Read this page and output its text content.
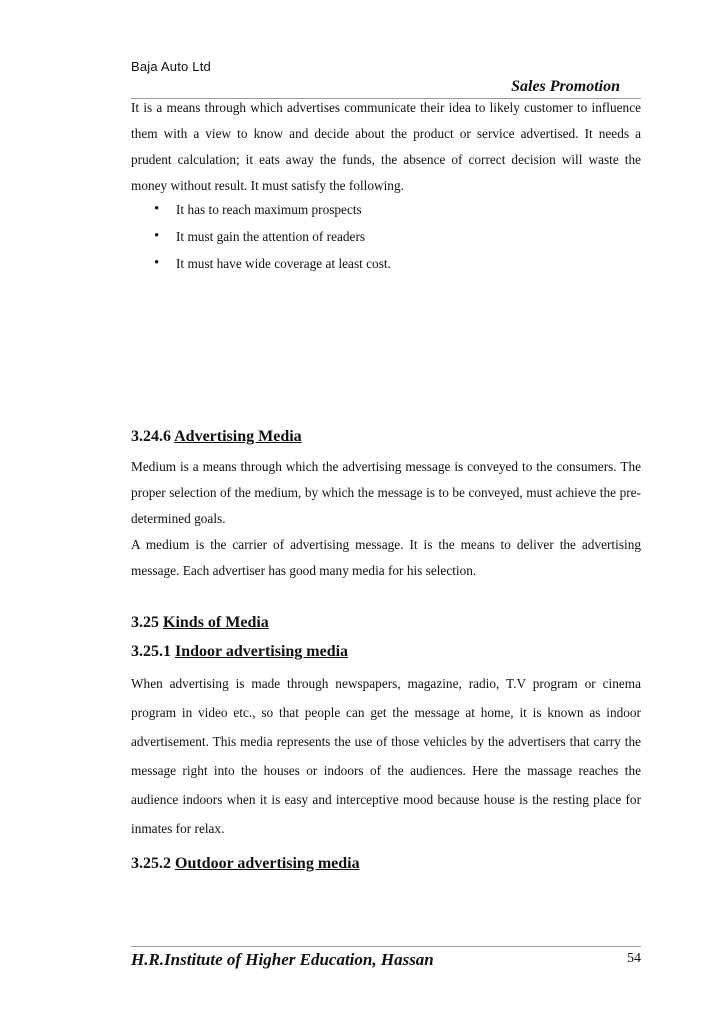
Baja Auto Ltd
Sales Promotion
It is a means through which advertises communicate their idea to likely customer to influence them with a view to know and decide about the product or service advertised. It needs a prudent calculation; it eats away the funds, the absence of correct decision will waste the money without result. It must satisfy the following.
• It has to reach maximum prospects
• It must gain the attention of readers
• It must have wide coverage at least cost.
3.24.6 Advertising Media
Medium is a means through which the advertising message is conveyed to the consumers. The proper selection of the medium, by which the message is to be conveyed, must achieve the pre-determined goals.
A medium is the carrier of advertising message. It is the means to deliver the advertising message. Each advertiser has good many media for his selection.
3.25 Kinds of Media
3.25.1 Indoor advertising media
When advertising is made through newspapers, magazine, radio, T.V program or cinema program in video etc., so that people can get the message at home, it is known as indoor advertisement. This media represents the use of those vehicles by the advertisers that carry the message right into the houses or indoors of the audiences. Here the massage reaches the audience indoors when it is easy and interceptive mood because house is the resting place for inmates for relax.
3.25.2 Outdoor advertising media
H.R.Institute of Higher Education, Hassan	54
